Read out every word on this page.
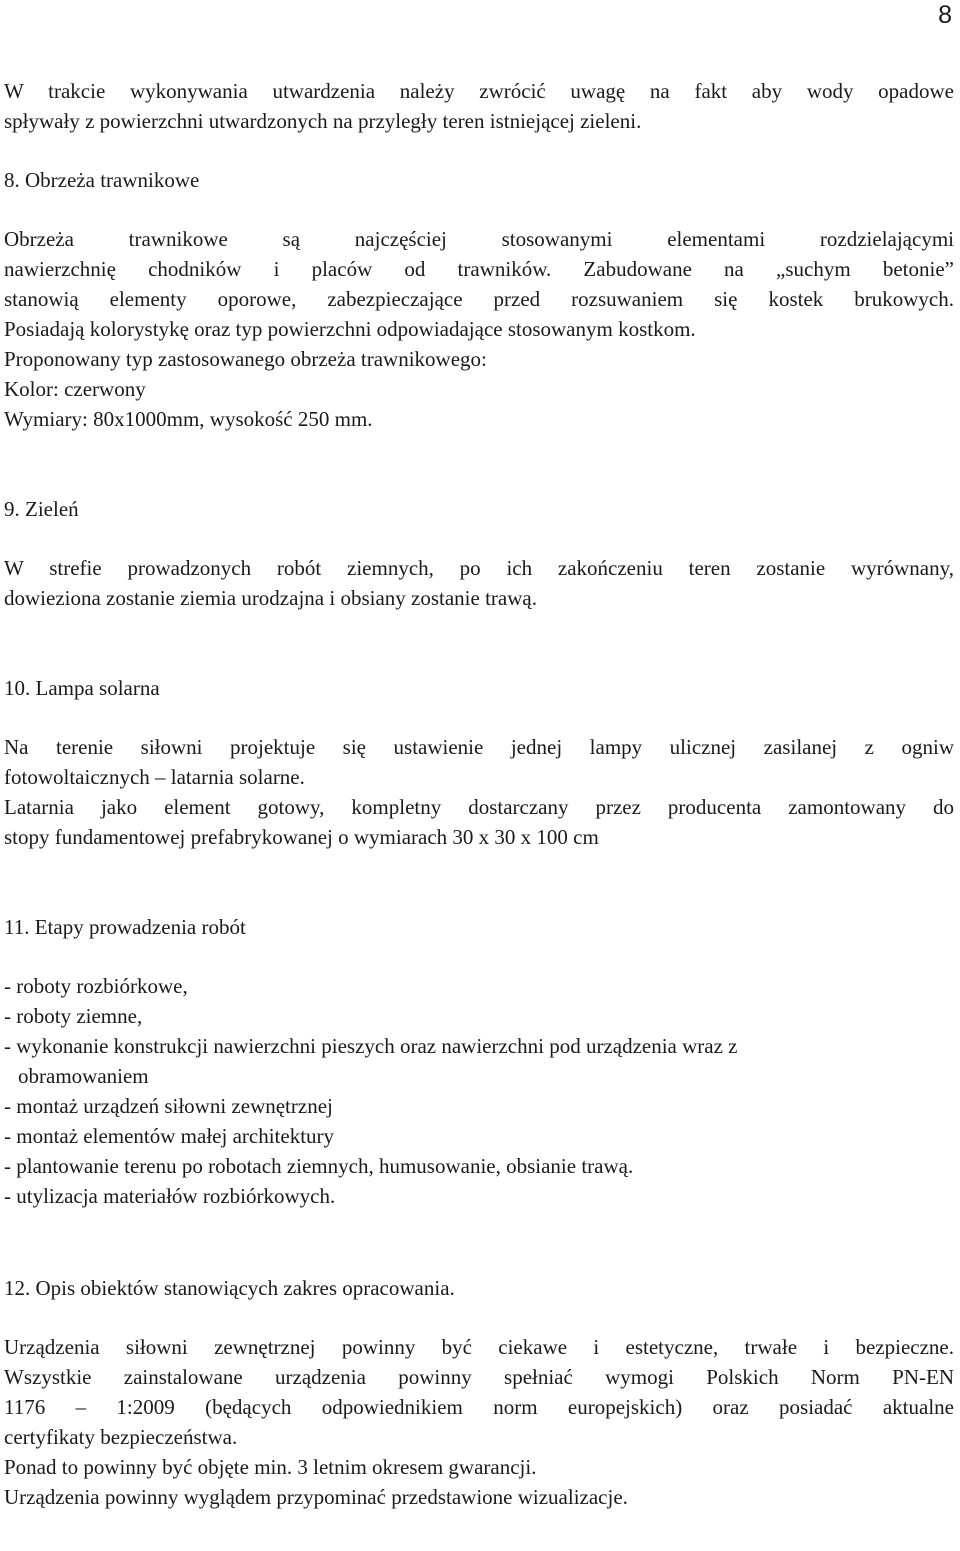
8
W trakcie wykonywania utwardzenia należy zwrócić uwagę na fakt aby wody opadowe
spływały z powierzchni utwardzonych na przyległy teren istniejącej zieleni.
8. Obrzeża trawnikowe
Obrzeża trawnikowe są najczęściej stosowanymi elementami rozdzielającymi
nawierzchnię chodników i placów od trawników. Zabudowane na „suchym betonie”
stanowią elementy oporowe, zabezpieczające przed rozsuwaniem się kostek brukowych.
Posiadają kolorystykę oraz typ powierzchni odpowiadające stosowanym kostkom.
Proponowany typ zastosowanego obrzeża trawnikowego:
Kolor: czerwony
Wymiary: 80x1000mm, wysokość 250 mm.
9. Zieleń
W strefie prowadzonych robót ziemnych, po ich zakończeniu teren zostanie wyrównany,
dowieziona zostanie ziemia urodzajna i obsiany zostanie trawą.
10. Lampa solarna
Na terenie siłowni projektuje się ustawienie jednej lampy ulicznej zasilanej z ogniw
fotowoltaicznych – latarnia solarne.
Latarnia jako element gotowy, kompletny dostarczany przez producenta zamontowany do
stopy fundamentowej prefabrykowanej o wymiarach 30 x 30 x 100 cm
11. Etapy prowadzenia robót
- roboty rozbiórkowe,
- roboty ziemne,
- wykonanie konstrukcji nawierzchni pieszych oraz nawierzchni pod urządzenia wraz z
obramowaniem
- montaż urządzeń siłowni zewnętrznej
- montaż elementów małej architektury
- plantowanie terenu po robotach ziemnych, humusowanie, obsianie trawą.
- utylizacja materiałów rozbiórkowych.
12. Opis obiektów stanowiących zakres opracowania.
Urządzenia siłowni zewnętrznej powinny być ciekawe i estetyczne, trwałe i bezpieczne.
Wszystkie zainstalowane urządzenia powinny spełniać wymogi Polskich Norm PN-EN
1176 – 1:2009 (będących odpowiednikiem norm europejskich) oraz posiadać aktualne
certyfikaty bezpieczeństwa.
Ponad to powinny być objęte min. 3 letnim okresem gwarancji.
Urządzenia powinny wyglądem przypominać przedstawione wizualizacje.
